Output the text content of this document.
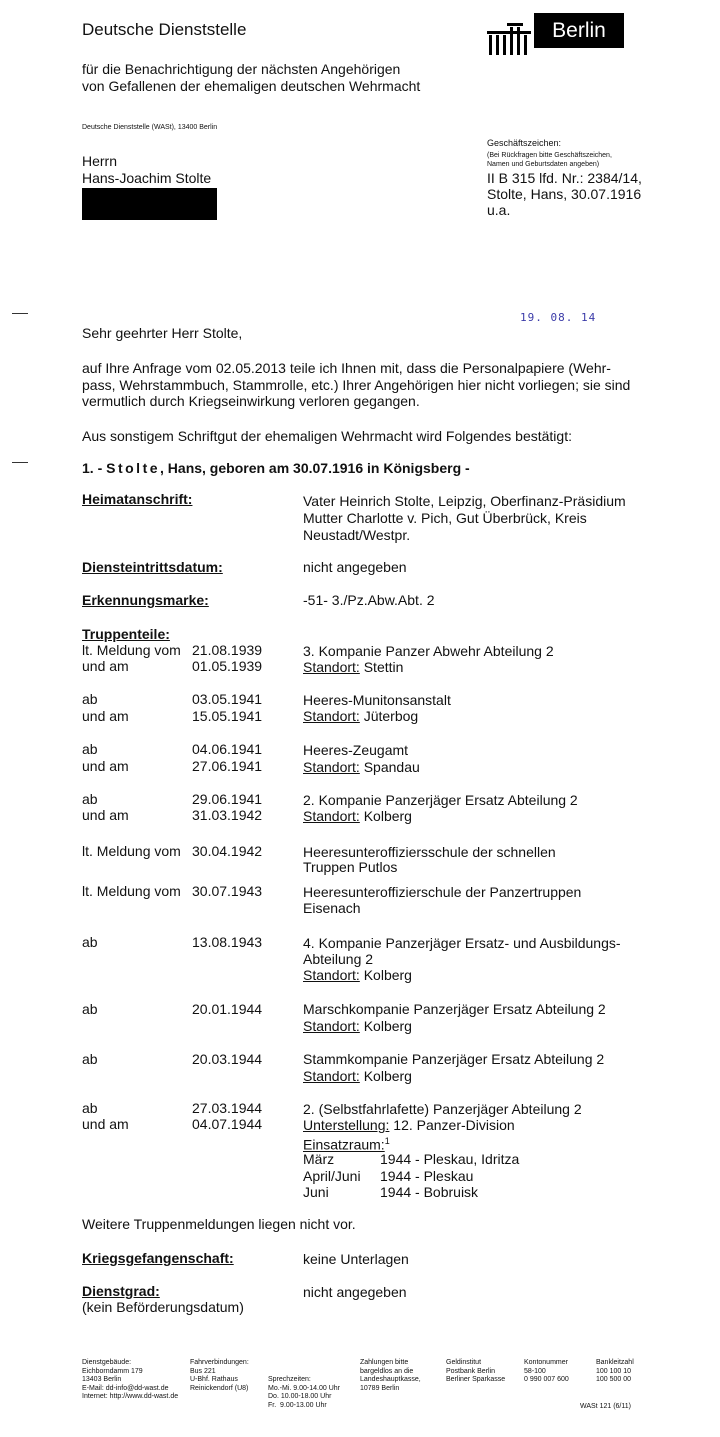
Deutsche Dienststelle
für die Benachrichtigung der nächsten Angehörigen
von Gefallenen der ehemaligen deutschen Wehrmacht
Berlin
Deutsche Dienststelle (WASt), 13400 Berlin
Herrn
Hans-Joachim Stolte
Geschäftszeichen:
(Bei Rückfragen bitte Geschäftszeichen,
Namen und Geburtsdaten angeben)
II B 315 lfd. Nr.: 2384/14,
Stolte, Hans, 30.07.1916
u.a.
19. 08. 14
Sehr geehrter Herr Stolte,
auf Ihre Anfrage vom 02.05.2013 teile ich Ihnen mit, dass die Personalpapiere (Wehr-
pass, Wehrstammbuch, Stammrolle, etc.) Ihrer Angehörigen hier nicht vorliegen; sie sind
vermutlich durch Kriegseinwirkung verloren gegangen.
Aus sonstigem Schriftgut der ehemaligen Wehrmacht wird Folgendes bestätigt:
1. - Stolte, Hans, geboren am 30.07.1916 in Königsberg -
Heimatanschrift:	Vater Heinrich Stolte, Leipzig, Oberfinanz-Präsidium
Mutter Charlotte v. Pich, Gut Überbrück, Kreis
Neustadt/Westpr.
Diensteintrittsdatum:	nicht angegeben
Erkennungsmarke:	-51- 3./Pz.Abw.Abt. 2
Truppenteile:
lt. Meldung vom 21.08.1939	3. Kompanie Panzer Abwehr Abteilung 2
und am	01.05.1939	Standort: Stettin
ab	03.05.1941	Heeres-Munitonsanstalt
und am	15.05.1941	Standort: Jüterbog
ab	04.06.1941	Heeres-Zeugamt
und am	27.06.1941	Standort: Spandau
ab	29.06.1941	2. Kompanie Panzerjäger Ersatz Abteilung 2
und am	31.03.1942	Standort: Kolberg
lt. Meldung vom 30.04.1942	Heeresunteroffiziersschule der schnellen
Truppen Putlos
lt. Meldung vom 30.07.1943	Heeresunteroffizierschule der Panzertruppen
Eisenach
ab	13.08.1943	4. Kompanie Panzerjäger Ersatz- und Ausbildungs-
Abteilung 2
Standort: Kolberg
ab	20.01.1944	Marschkompanie Panzerjäger Ersatz Abteilung 2
Standort: Kolberg
ab	20.03.1944	Stammkompanie Panzerjäger Ersatz Abteilung 2
Standort: Kolberg
ab	27.03.1944	2. (Selbstfahrlafette) Panzerjäger Abteilung 2
und am	04.07.1944	Unterstellung: 12. Panzer-Division
Einsatzraum:$^1$
März	1944 - Pleskau, Idritza
April/Juni 1944 - Pleskau
Juni	1944 - Bobruisk
Weitere Truppenmeldungen liegen nicht vor.
Kriegsgefangenschaft:	keine Unterlagen
Dienstgrad:
(kein Beförderungsdatum)
nicht angegeben
Dienstgebäude:
Eichborndamm 179
13403 Berlin
E-Mail: dd-info@dd-wast.de
Internet: http://www.dd-wast.de
Fahrverbindungen:
Bus 221
U-Bhf. Rathaus
Reinickendorf (U8)

Sprechzeiten:
Mo.-Mi. 9.00-14.00 Uhr
Do. 10.00-18.00 Uhr
Fr.  9.00-13.00 Uhr

Zahlungen bitte
bargeldlos an die
Landeshauptkasse,
10789 Berlin
Geldinstitut
Postbank Berlin
Berliner Sparkasse
Kontonummer
58-100
0 990 007 600
Bankleitzahl
100 100 10
100 500 00
WASt 121 (6/11)
